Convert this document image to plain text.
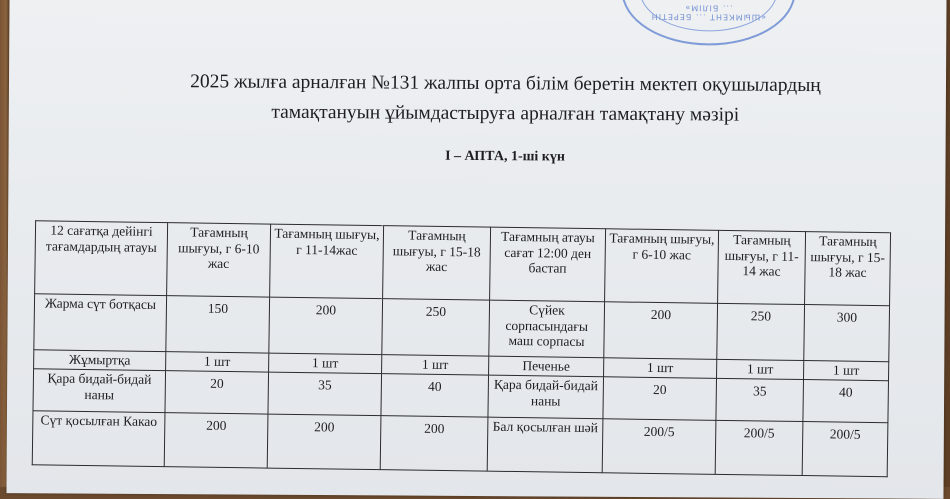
«ШЫМКЕНТ ... БЕРЕТІН ... БІЛІМ»
2025 жылға арналған №131 жалпы орта білім беретін мектеп оқушылардың
тамақтануын ұйымдастыруға арналған тамақтану мәзірі
І – АПТА, 1-ші күн
12 сағатқа дейінгі тағамдардың атауы	Тағамның шығуы, г 6-10 жас	Тағамның шығуы, г 11-14жас	Тағамның шығуы, г 15-18 жас	Тағамның атауы сағат 12:00 ден бастап	Тағамның шығуы, г 6-10 жас	Тағамның шығуы, г 11-14 жас	Тағамның шығуы, г 15-18 жас
Жарма сүт ботқасы	150	200	250	Сүйек сорпасындағы маш сорпасы	200	250	300
Жұмыртқа	1 шт	1 шт	1 шт	Печенье	1 шт	1 шт	1 шт
Қара бидай-бидай наны	20	35	40	Қара бидай-бидай наны	20	35	40
Сүт қосылған Какао	200	200	200	Бал қосылған шәй	200/5	200/5	200/5
